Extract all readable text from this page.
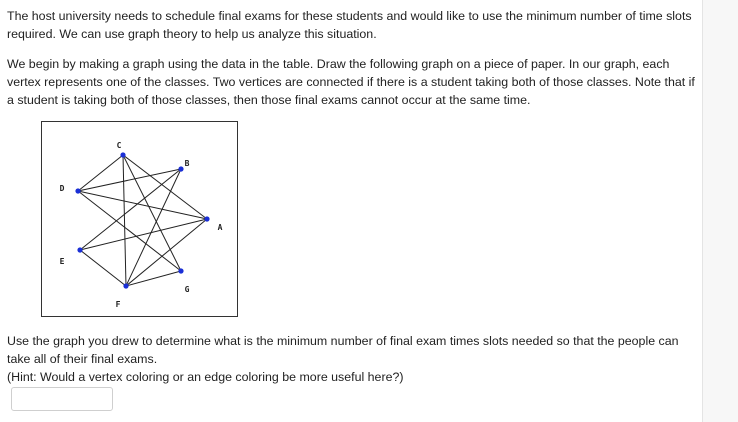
The host university needs to schedule final exams for these students and would like to use the minimum number of time slots required. We can use graph theory to help us analyze this situation.

We begin by making a graph using the data in the table. Draw the following graph on a piece of paper. In our graph, each vertex represents one of the classes. Two vertices are connected if there is a student taking both of those classes. Note that if a student is taking both of those classes, then those final exams cannot occur at the same time.

A
B
C
D
E
F
G

Use the graph you drew to determine what is the minimum number of final exam times slots needed so that the people can take all of their final exams.

(Hint: Would a vertex coloring or an edge coloring be more useful here?)
